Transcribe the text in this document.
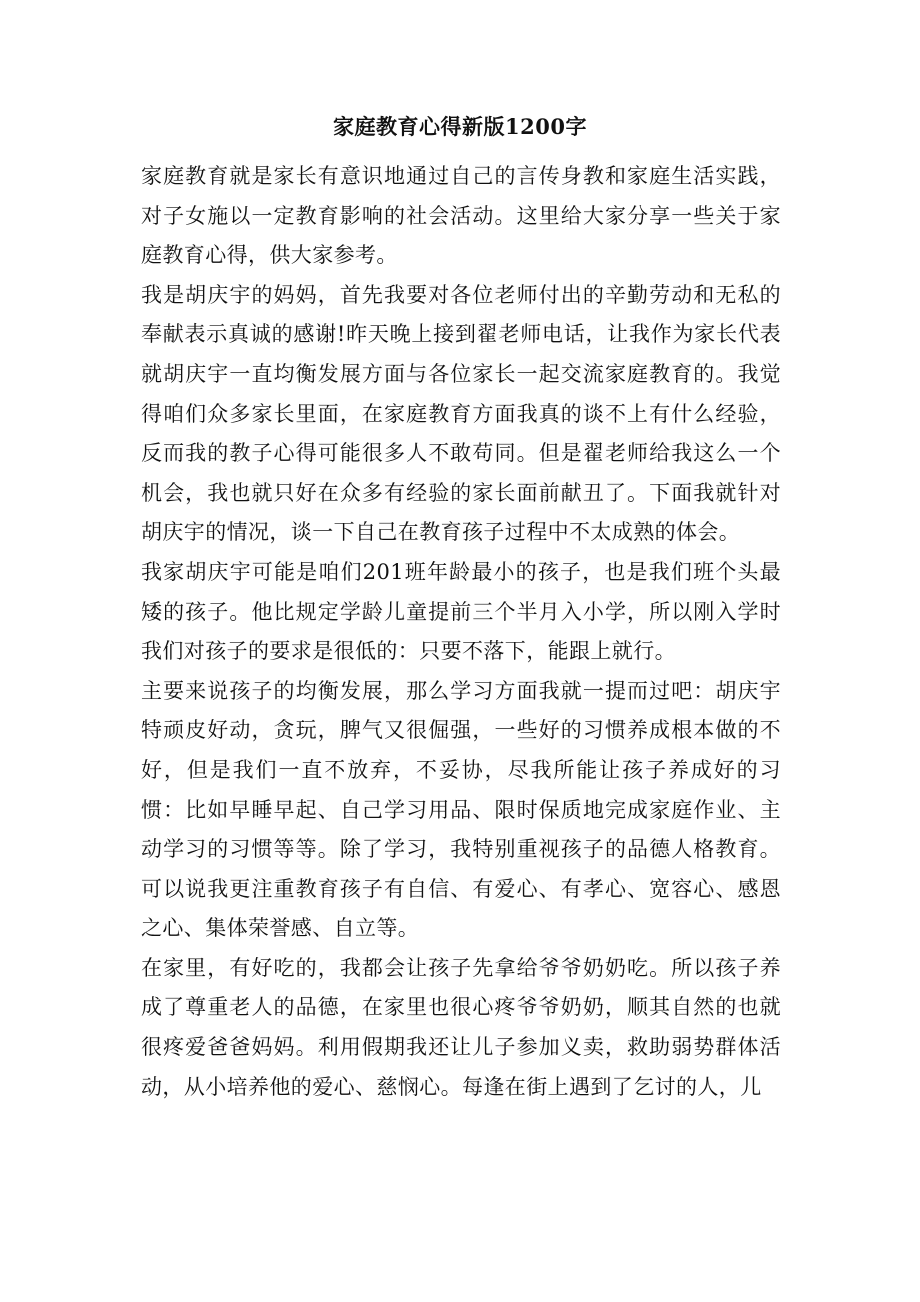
家庭教育心得新版1200字

家庭教育就是家长有意识地通过自己的言传身教和家庭生活实践，对子女施以一定教育影响的社会活动。这里给大家分享一些关于家庭教育心得，供大家参考。

我是胡庆宇的妈妈，首先我要对各位老师付出的辛勤劳动和无私的奉献表示真诚的感谢!昨天晚上接到翟老师电话，让我作为家长代表就胡庆宇一直均衡发展方面与各位家长一起交流家庭教育的。我觉得咱们众多家长里面，在家庭教育方面我真的谈不上有什么经验，反而我的教子心得可能很多人不敢苟同。但是翟老师给我这么一个机会，我也就只好在众多有经验的家长面前献丑了。下面我就针对胡庆宇的情况，谈一下自己在教育孩子过程中不太成熟的体会。

我家胡庆宇可能是咱们201班年龄最小的孩子，也是我们班个头最矮的孩子。他比规定学龄儿童提前三个半月入小学，所以刚入学时我们对孩子的要求是很低的：只要不落下，能跟上就行。

主要来说孩子的均衡发展，那么学习方面我就一提而过吧：胡庆宇特顽皮好动，贪玩，脾气又很倔强，一些好的习惯养成根本做的不好，但是我们一直不放弃，不妥协，尽我所能让孩子养成好的习惯：比如早睡早起、自己学习用品、限时保质地完成家庭作业、主动学习的习惯等等。除了学习，我特别重视孩子的品德人格教育。可以说我更注重教育孩子有自信、有爱心、有孝心、宽容心、感恩之心、集体荣誉感、自立等。

在家里，有好吃的，我都会让孩子先拿给爷爷奶奶吃。所以孩子养成了尊重老人的品德，在家里也很心疼爷爷奶奶，顺其自然的也就很疼爱爸爸妈妈。利用假期我还让儿子参加义卖，救助弱势群体活动，从小培养他的爱心、慈悯心。每逢在街上遇到了乞讨的人，儿
